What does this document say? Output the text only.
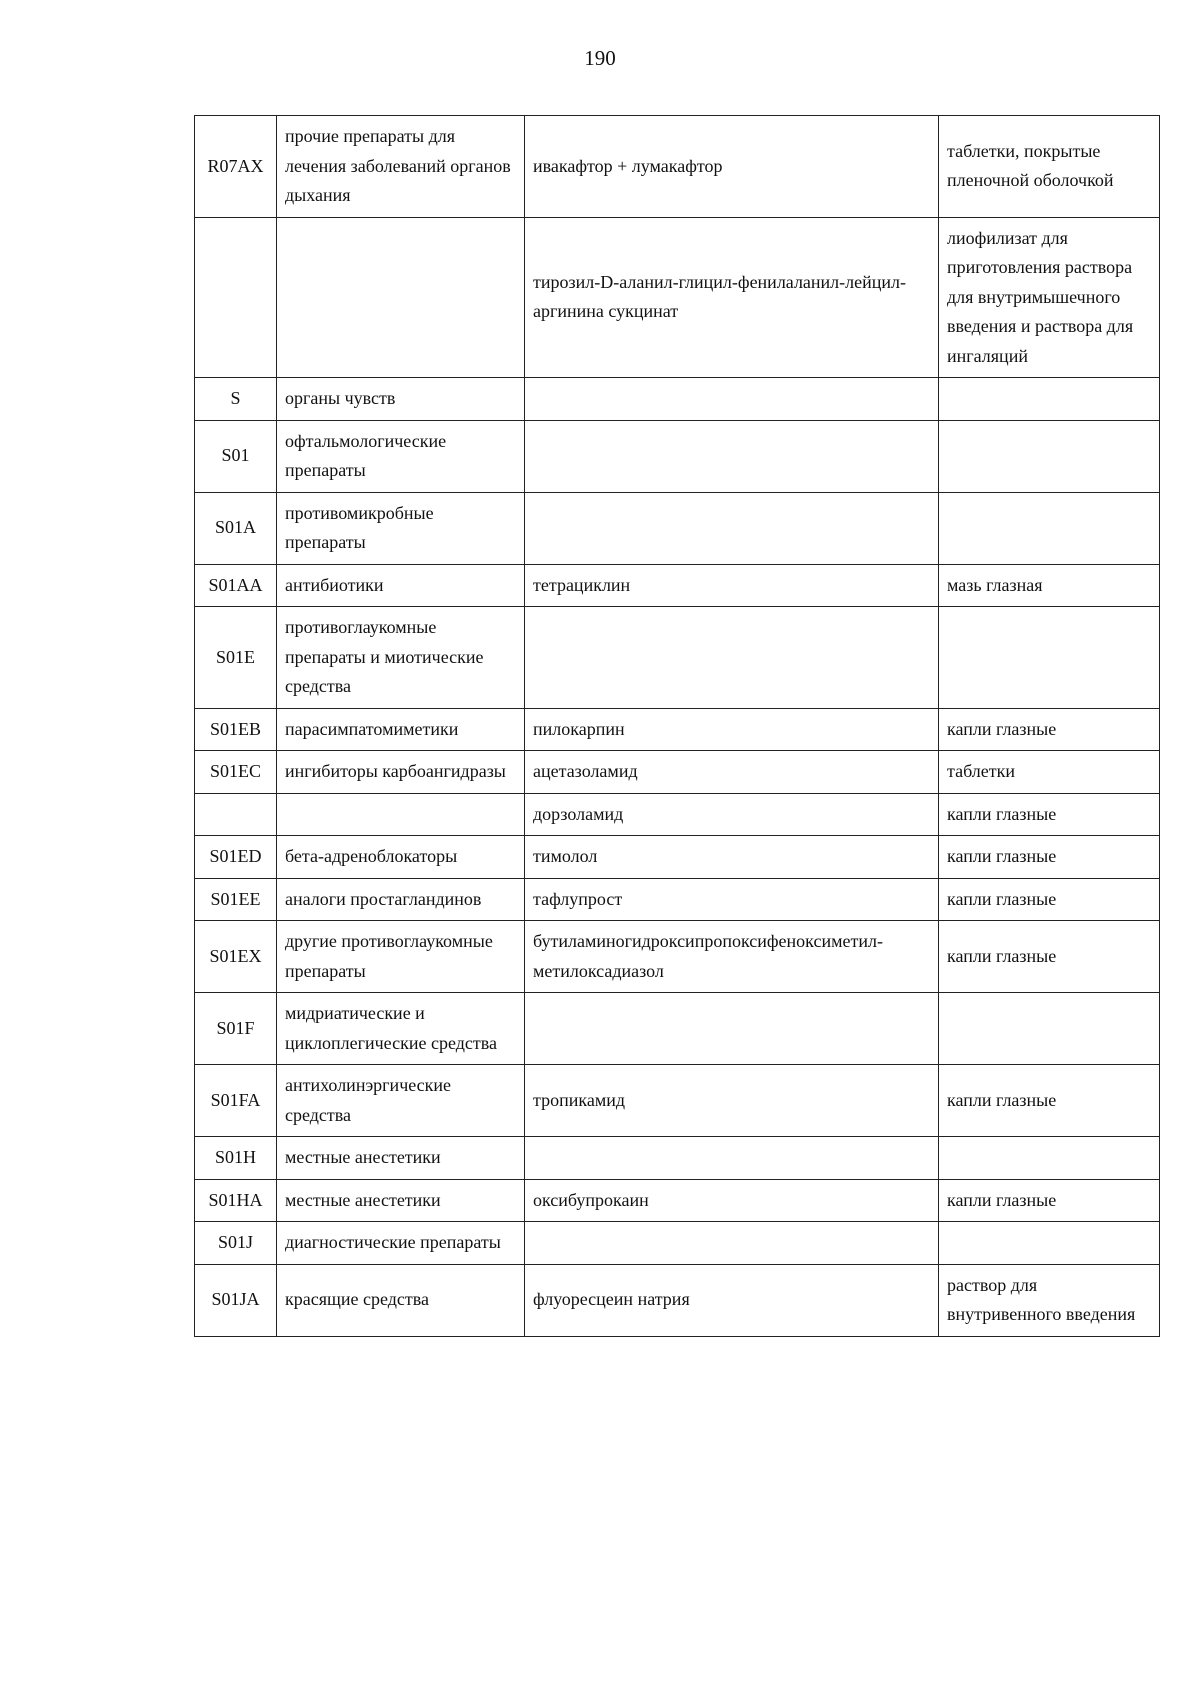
190
R07AX	прочие препараты для лечения заболеваний органов дыхания	ивакафтор + лумакафтор	таблетки, покрытые пленочной оболочкой
		тирозил-D-аланил-глицил-фенилаланил-лейцил-аргинина сукцинат	лиофилизат для приготовления раствора для внутримышечного введения и раствора для ингаляций
S	органы чувств		
S01	офтальмологические препараты		
S01A	противомикробные препараты		
S01AA	антибиотики	тетрациклин	мазь глазная
S01E	противоглаукомные препараты и миотические средства		
S01EB	парасимпатомиметики	пилокарпин	капли глазные
S01EC	ингибиторы карбоангидразы	ацетазоламид	таблетки
		дорзоламид	капли глазные
S01ED	бета-адреноблокаторы	тимолол	капли глазные
S01EE	аналоги простагландинов	тафлупрост	капли глазные
S01EX	другие противоглаукомные препараты	бутиламиногидроксипропоксифеноксиметил-метилоксадиазол	капли глазные
S01F	мидриатические и циклоплегические средства		
S01FA	антихолинэргические средства	тропикамид	капли глазные
S01H	местные анестетики		
S01HA	местные анестетики	оксибупрокаин	капли глазные
S01J	диагностические препараты		
S01JA	красящие средства	флуоресцеин натрия	раствор для внутривенного введения
